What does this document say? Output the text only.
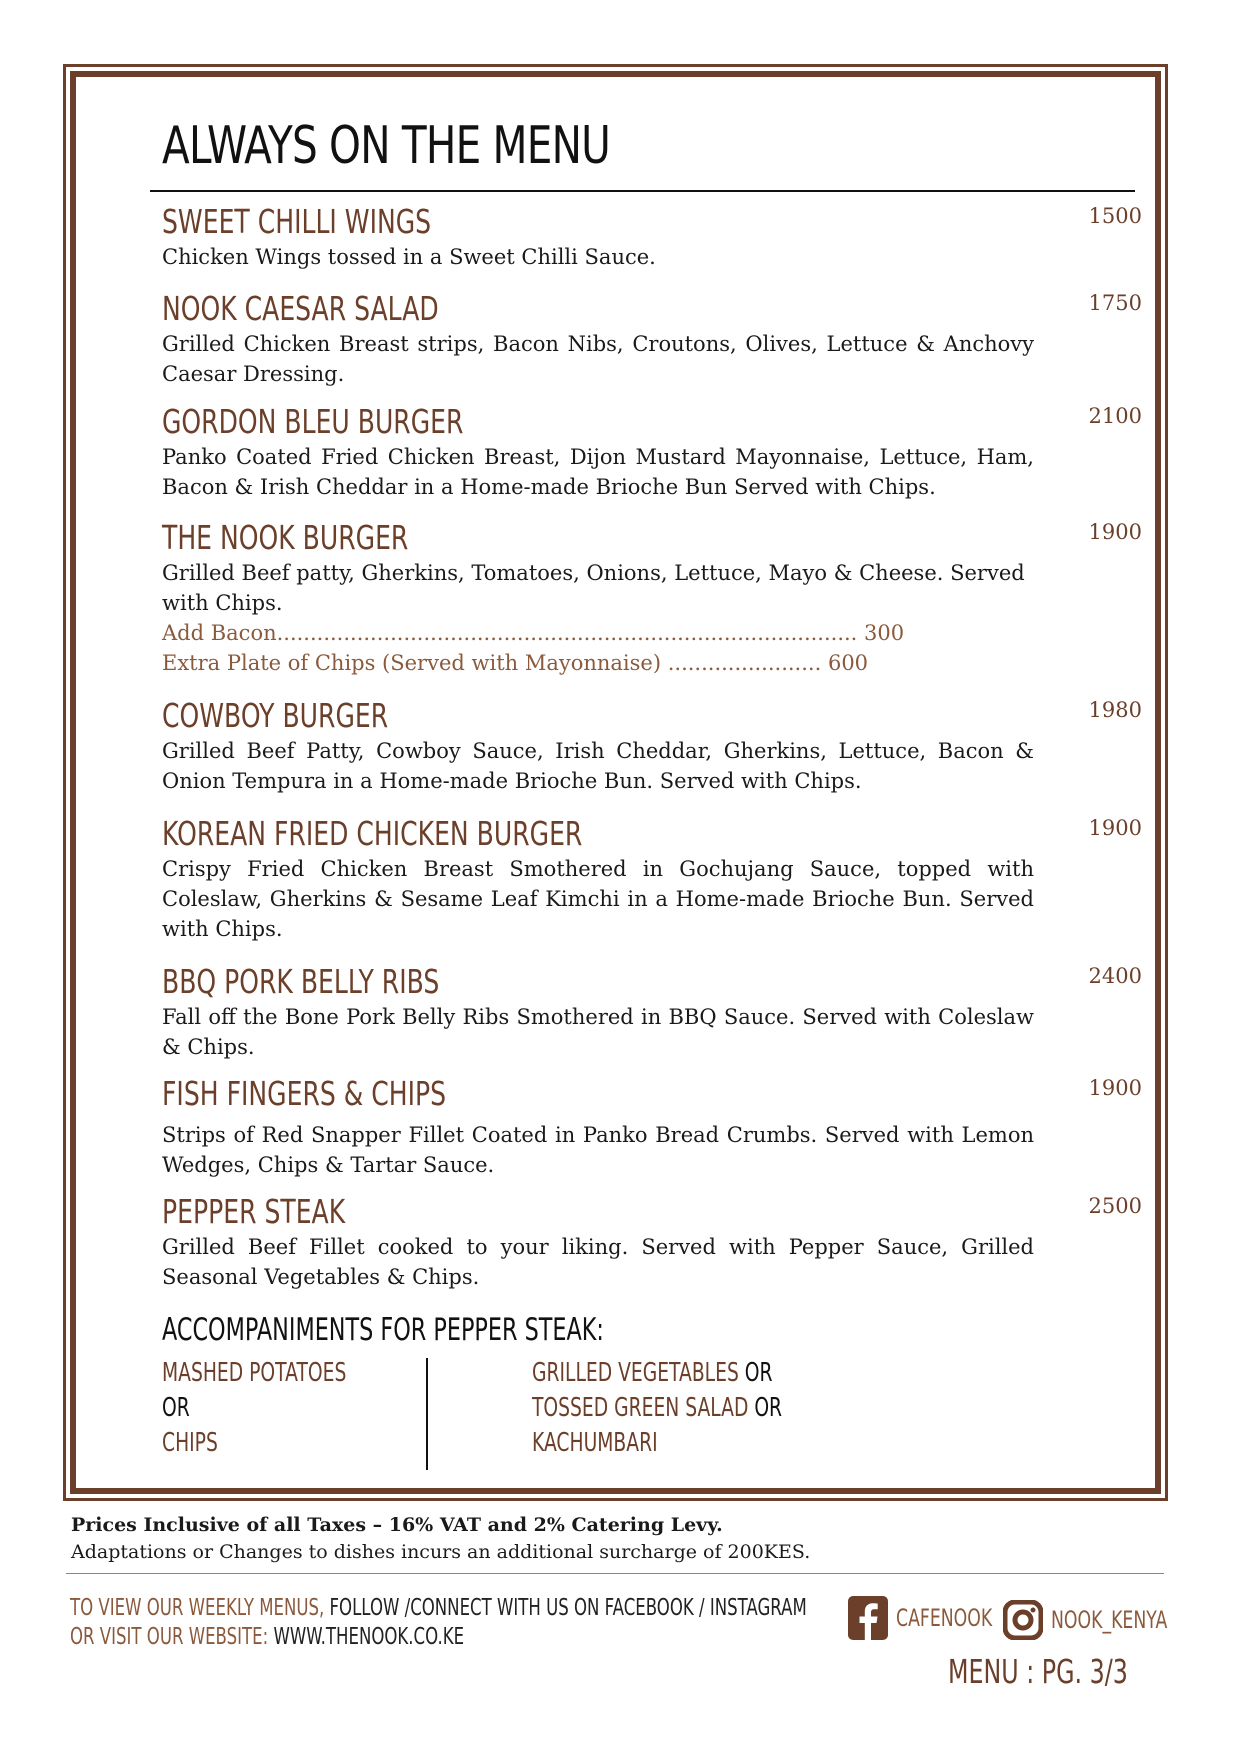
ALWAYS ON THE MENU
SWEET CHILLI WINGS	1500
Chicken Wings tossed in a Sweet Chilli Sauce.
NOOK CAESAR SALAD	1750
Grilled Chicken Breast strips, Bacon Nibs, Croutons, Olives, Lettuce & Anchovy Caesar Dressing.
GORDON BLEU BURGER	2100
Panko Coated Fried Chicken Breast, Dijon Mustard Mayonnaise, Lettuce, Ham, Bacon & Irish Cheddar in a Home-made Brioche Bun Served with Chips.
THE NOOK BURGER	1900
Grilled Beef patty, Gherkins, Tomatoes, Onions, Lettuce, Mayo & Cheese. Served with Chips.
Add Bacon....................................................................................... 300
Extra Plate of Chips (Served with Mayonnaise) ....................... 600
COWBOY BURGER	1980
Grilled Beef Patty, Cowboy Sauce, Irish Cheddar, Gherkins, Lettuce, Bacon & Onion Tempura in a Home-made Brioche Bun. Served with Chips.
KOREAN FRIED CHICKEN BURGER	1900
Crispy Fried Chicken Breast Smothered in Gochujang Sauce, topped with Coleslaw, Gherkins & Sesame Leaf Kimchi in a Home-made Brioche Bun. Served with Chips.
BBQ PORK BELLY RIBS	2400
Fall off the Bone Pork Belly Ribs Smothered in BBQ Sauce. Served with Coleslaw & Chips.
FISH FINGERS & CHIPS	1900
Strips of Red Snapper Fillet Coated in Panko Bread Crumbs. Served with Lemon Wedges, Chips & Tartar Sauce.
PEPPER STEAK	2500
Grilled Beef Fillet cooked to your liking. Served with Pepper Sauce, Grilled Seasonal Vegetables & Chips.
ACCOMPANIMENTS FOR PEPPER STEAK:
MASHED POTATOES
OR
CHIPS
GRILLED VEGETABLES OR
TOSSED GREEN SALAD OR
KACHUMBARI
Prices Inclusive of all Taxes – 16% VAT and 2% Catering Levy.
Adaptations or Changes to dishes incurs an additional surcharge of 200KES.
TO VIEW OUR WEEKLY MENUS, FOLLOW /CONNECT WITH US ON FACEBOOK / INSTAGRAM
OR VISIT OUR WEBSITE: WWW.THENOOK.CO.KE
CAFENOOK NOOK_KENYA
MENU : PG. 3/3
